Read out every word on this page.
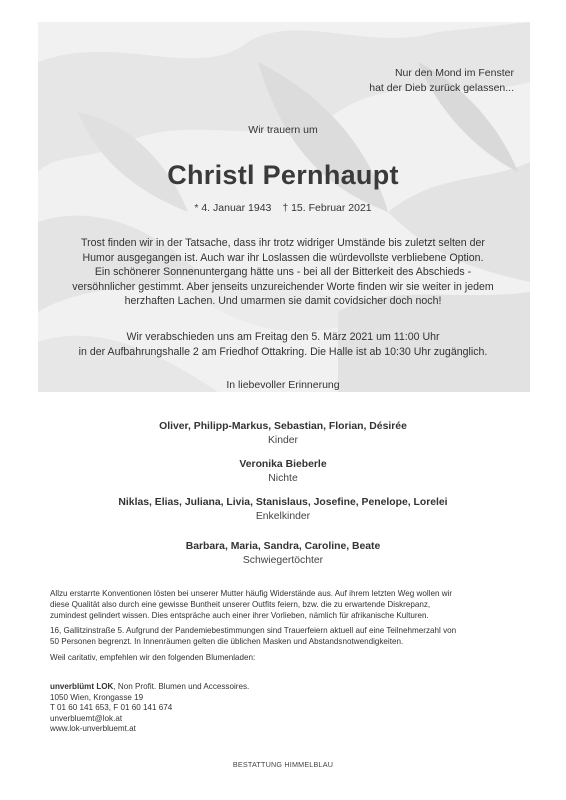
Nur den Mond im Fenster
hat der Dieb zurück gelassen...
Wir trauern um
Christl Pernhaupt
* 4. Januar 1943 † 15. Februar 2021
Trost finden wir in der Tatsache, dass ihr trotz widriger Umstände bis zuletzt selten der
Humor ausgegangen ist. Auch war ihr Loslassen die würdevollste verbliebene Option.
Ein schönerer Sonnenuntergang hätte uns - bei all der Bitterkeit des Abschieds -
versöhnlicher gestimmt. Aber jenseits unzureichender Worte finden wir sie weiter in jedem
herzhaften Lachen. Und umarmen sie damit covidsicher doch noch!
Wir verabschieden uns am Freitag den 5. März 2021 um 11:00 Uhr
in der Aufbahrungshalle 2 am Friedhof Ottakring. Die Halle ist ab 10:30 Uhr zugänglich.
In liebevoller Erinnerung
Oliver, Philipp-Markus, Sebastian, Florian, Désirée
Kinder
Veronika Bieberle
Nichte
Niklas, Elias, Juliana, Livia, Stanislaus, Josefine, Penelope, Lorelei
Enkelkinder
Barbara, Maria, Sandra, Caroline, Beate
Schwiegertöchter

Allzu erstarrte Konventionen lösten bei unserer Mutter häufig Widerstände aus. Auf ihrem letzten Weg wollen wir
diese Qualität also durch eine gewisse Buntheit unserer Outfits feiern, bzw. die zu erwartende Diskrepanz,
zumindest gelindert wissen. Dies entspräche auch einer ihrer Vorlieben, nämlich für afrikanische Kulturen.

16, Gallitzinstraße 5. Aufgrund der Pandemiebestimmungen sind Trauerfeiern aktuell auf eine Teilnehmerzahl von
50 Personen begrenzt. In Innenräumen gelten die üblichen Masken und Abstandsnotwendigkeiten.

Weil caritativ, empfehlen wir den folgenden Blumenladen:

unverblümt LOK, Non Profit. Blumen und Accessoires.
1050 Wien, Krongasse 19
T 01 60 141 653, F 01 60 141 674
unverbluemt@lok.at
www.lok-unverbluemt.at
BESTATTUNG HIMMELBLAU
